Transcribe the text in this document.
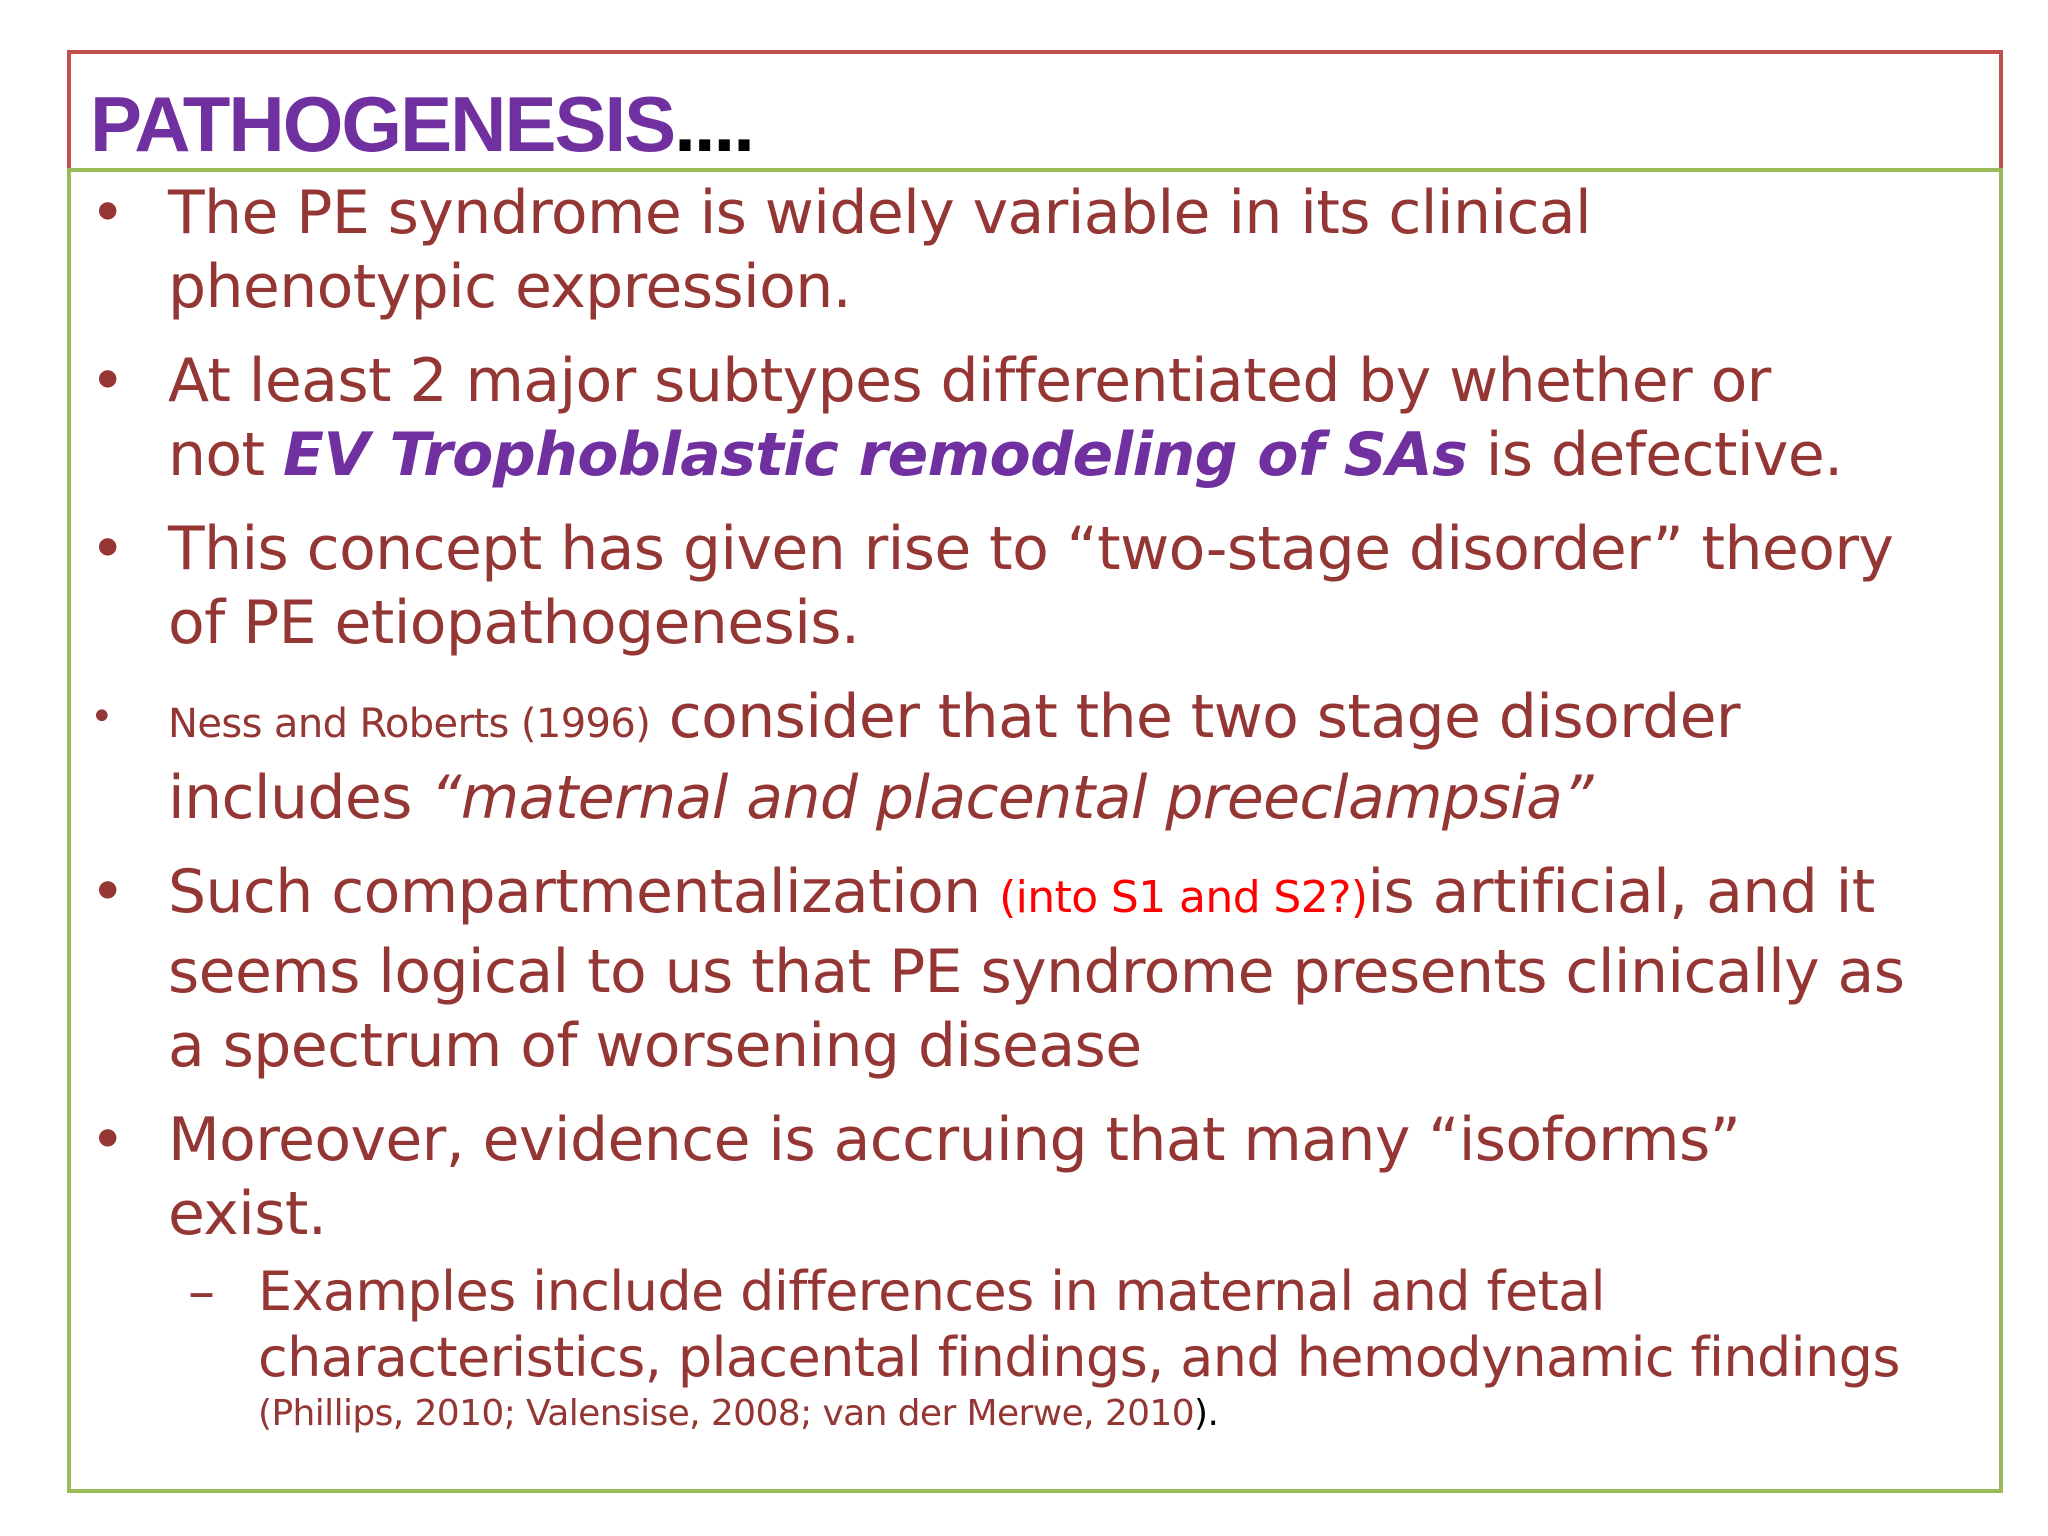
PATHOGENESIS....
• The PE syndrome is widely variable in its clinical
phenotypic expression.
• At least 2 major subtypes differentiated by whether or
not EV Trophoblastic remodeling of SAs is defective.
• This concept has given rise to “two-stage disorder” theory
of PE etiopathogenesis.
• Ness and Roberts (1996) consider that the two stage disorder
includes “maternal and placental preeclampsia”
• Such compartmentalization (into S1 and S2?)is artificial, and it
seems logical to us that PE syndrome presents clinically as
a spectrum of worsening disease
• Moreover, evidence is accruing that many “isoforms”
exist.
– Examples include differences in maternal and fetal
characteristics, placental findings, and hemodynamic findings
(Phillips, 2010; Valensise, 2008; van der Merwe, 2010).
